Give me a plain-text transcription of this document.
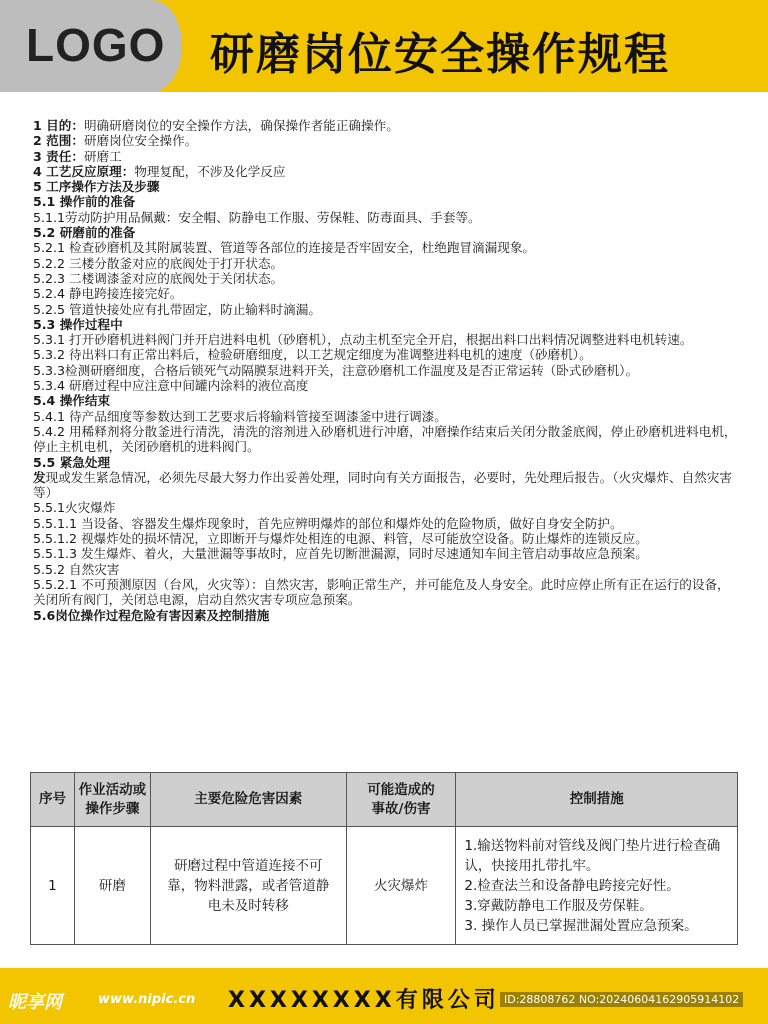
LOGO 研磨岗位安全操作规程

1 目的：明确研磨岗位的安全操作方法，确保操作者能正确操作。

2 范围：研磨岗位安全操作。

3 责任：研磨工

4 工艺反应原理：物理复配，不涉及化学反应

5 工序操作方法及步骤

5.1 操作前的准备

5.1.1劳动防护用品佩戴：安全帽、防静电工作服、劳保鞋、防毒面具、手套等。

5.2 研磨前的准备

5.2.1 检查砂磨机及其附属装置、管道等各部位的连接是否牢固安全，杜绝跑冒滴漏现象。

5.2.2 三楼分散釜对应的底阀处于打开状态。

5.2.3 二楼调漆釜对应的底阀处于关闭状态。

5.2.4 静电跨接连接完好。

5.2.5 管道快接处应有扎带固定，防止输料时滴漏。

5.3 操作过程中

5.3.1 打开砂磨机进料阀门并开启进料电机（砂磨机），点动主机至完全开启，根据出料口出料情况调整进料电机转速。

5.3.2 待出料口有正常出料后，检验研磨细度，以工艺规定细度为准调整进料电机的速度（砂磨机）。

5.3.3检测研磨细度，合格后锁死气动隔膜泵进料开关，注意砂磨机工作温度及是否正常运转（卧式砂磨机）。

5.3.4 研磨过程中应注意中间罐内涂料的液位高度

5.4 操作结束

5.4.1 待产品细度等参数达到工艺要求后将输料管接至调漆釜中进行调漆。

5.4.2 用稀释剂将分散釜进行清洗，清洗的溶剂进入砂磨机进行冲磨，冲磨操作结束后关闭分散釜底阀，停止砂磨机进料电机，停止主机电机，关闭砂磨机的进料阀门。

5.5 紧急处理

发现或发生紧急情况，必须先尽最大努力作出妥善处理，同时向有关方面报告，必要时，先处理后报告。（火灾爆炸、自然灾害等）

5.5.1火灾爆炸

5.5.1.1 当设备、容器发生爆炸现象时，首先应辨明爆炸的部位和爆炸处的危险物质，做好自身安全防护。

5.5.1.2 视爆炸处的损坏情况，立即断开与爆炸处相连的电源、料管，尽可能放空设备。防止爆炸的连锁反应。

5.5.1.3 发生爆炸、着火，大量泄漏等事故时，应首先切断泄漏源，同时尽速通知车间主管启动事故应急预案。

5.5.2 自然灾害

5.5.2.1 不可预测原因（台风，火灾等）：自然灾害，影响正常生产，并可能危及人身安全。此时应停止所有正在运行的设备，关闭所有阀门，关闭总电源，启动自然灾害专项应急预案。

5.6岗位操作过程危险有害因素及控制措施

序号	作业活动或
操作步骤	主要危险危害因素	可能造成的
事故/伤害	控制措施
1	研磨	研磨过程中管道连接不可靠，物料泄露，或者管道静电未及时转移	火灾爆炸	1.输送物料前对管线及阀门垫片进行检查确认，快接用扎带扎牢。
2.检查法兰和设备静电跨接完好性。
3.穿戴防静电工作服及劳保鞋。
3. 操作人员已掌握泄漏处置应急预案。
昵享网	www.nipic.cn XXXXXXXX有限公司 ID:28808762 NO:20240604162905914102
